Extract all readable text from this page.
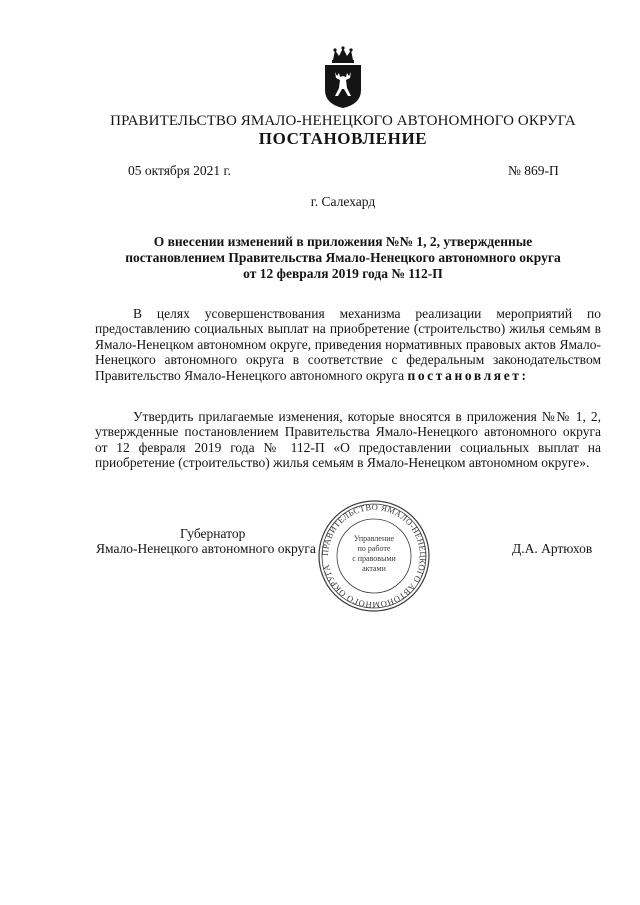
ПРАВИТЕЛЬСТВО ЯМАЛО-НЕНЕЦКОГО АВТОНОМНОГО ОКРУГА
ПОСТАНОВЛЕНИЕ
05 октября 2021 г.	№ 869-П
г. Салехард
О внесении изменений в приложения №№ 1, 2, утвержденные
постановлением Правительства Ямало-Ненецкого автономного округа
от 12 февраля 2019 года № 112-П
В целях усовершенствования механизма реализации мероприятий по предоставлению социальных выплат на приобретение (строительство) жилья семьям в Ямало-Ненецком автономном округе, приведения нормативных правовых актов Ямало-Ненецкого автономного округа в соответствие с федеральным законодательством Правительство Ямало-Ненецкого автономного округа постановляет:
Утвердить прилагаемые изменения, которые вносятся в приложения №№ 1, 2, утвержденные постановлением Правительства Ямало-Ненецкого автономного округа от 12 февраля 2019 года № 112-П «О предоставлении социальных выплат на приобретение (строительство) жилья семьям в Ямало-Ненецком автономном округе».
ПРАВИТЕЛЬСТВО ЯМАЛО-НЕНЕЦКОГО АВТОНОМНОГО ОКРУГА
Управление
по работе
с правовыми
актами
Губернатор
Ямало-Ненецкого автономного округа	Д.А. Артюхов
